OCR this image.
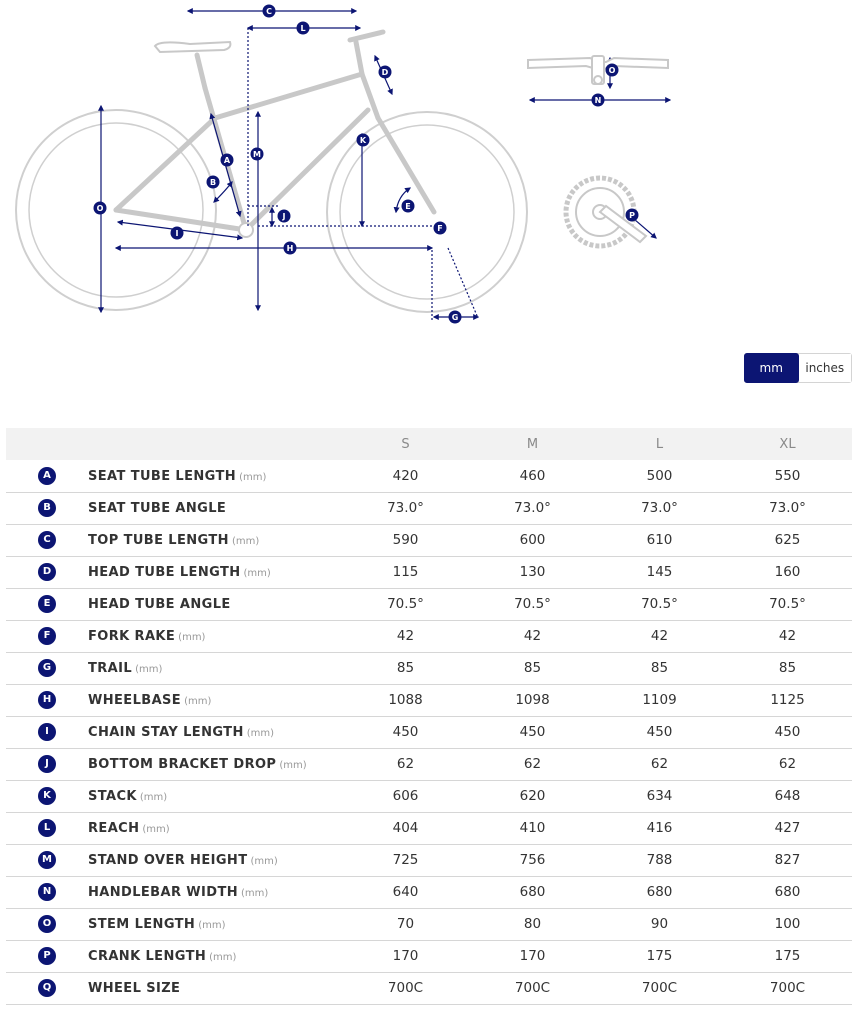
A
B
C
D
E
F
G
H
I
J
K
L
M
O
O
N
P
mm	inches
		S	M	L	XL
A	SEAT TUBE LENGTH (mm)	420	460	500	550
B	SEAT TUBE ANGLE	73.0°	73.0°	73.0°	73.0°
C	TOP TUBE LENGTH (mm)	590	600	610	625
D	HEAD TUBE LENGTH (mm)	115	130	145	160
E	HEAD TUBE ANGLE	70.5°	70.5°	70.5°	70.5°
F	FORK RAKE (mm)	42	42	42	42
G	TRAIL (mm)	85	85	85	85
H	WHEELBASE (mm)	1088	1098	1109	1125
I	CHAIN STAY LENGTH (mm)	450	450	450	450
J	BOTTOM BRACKET DROP (mm)	62	62	62	62
K	STACK (mm)	606	620	634	648
L	REACH (mm)	404	410	416	427
M	STAND OVER HEIGHT (mm)	725	756	788	827
N	HANDLEBAR WIDTH (mm)	640	680	680	680
O	STEM LENGTH (mm)	70	80	90	100
P	CRANK LENGTH (mm)	170	170	175	175
Q	WHEEL SIZE	700C	700C	700C	700C
